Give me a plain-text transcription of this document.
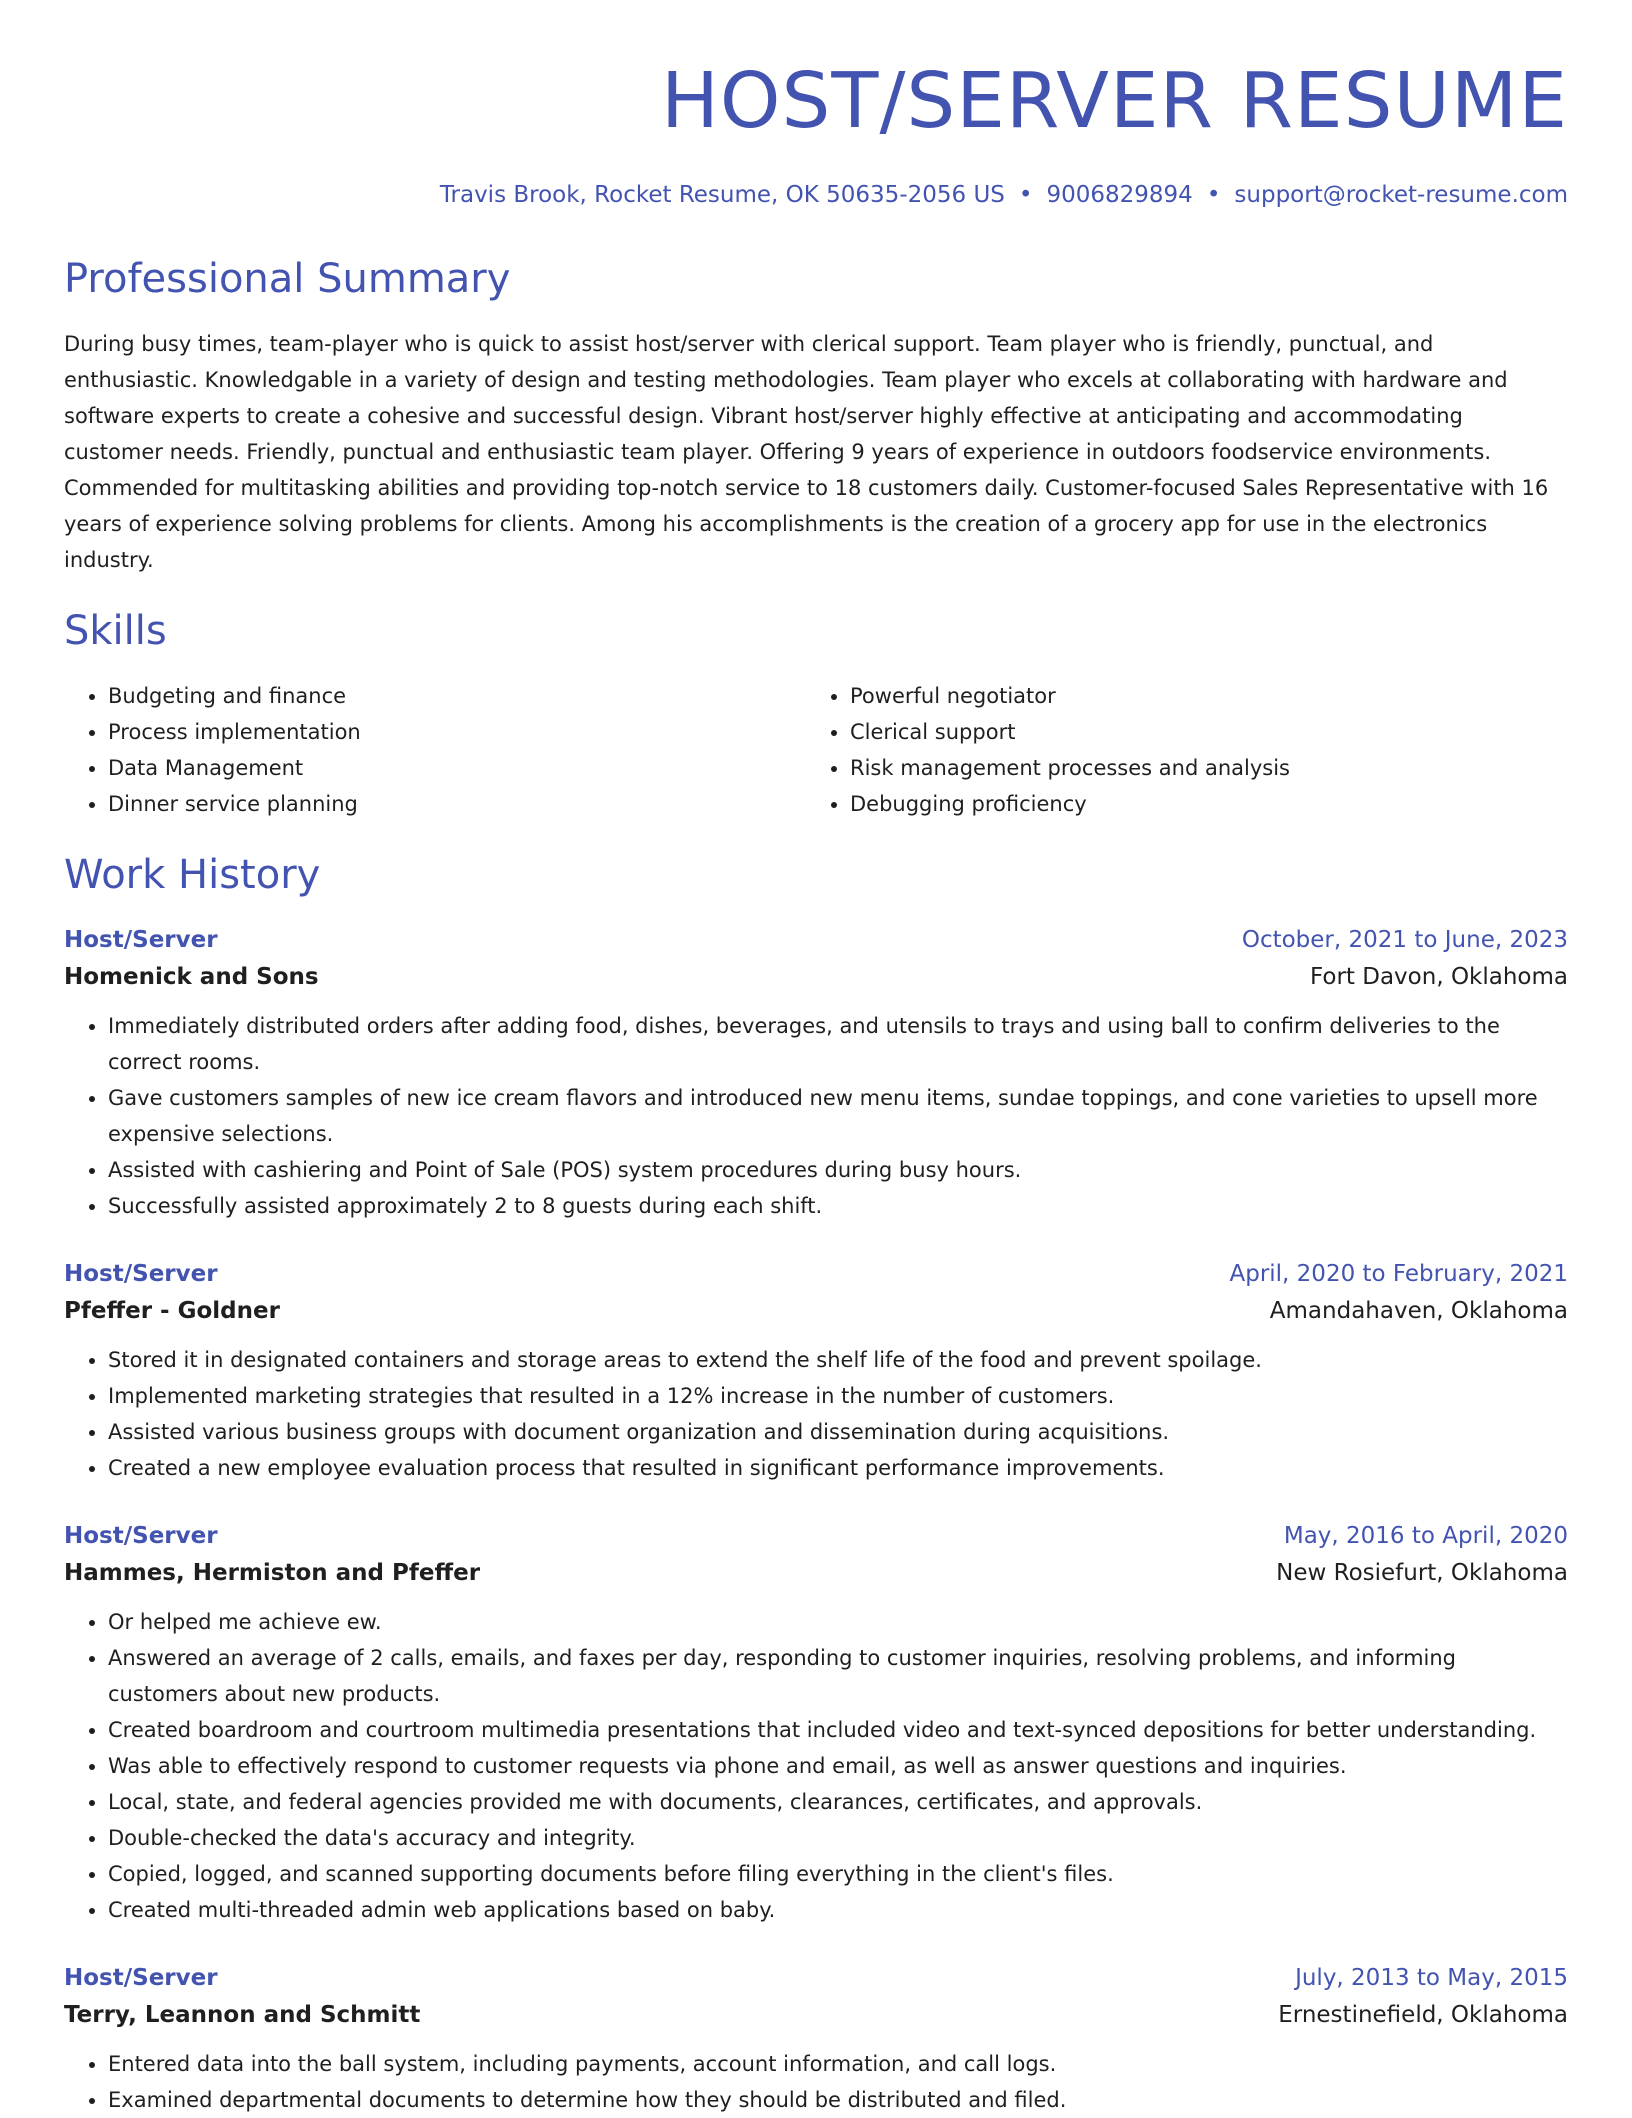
HOST/SERVER RESUME
Travis Brook, Rocket Resume, OK 50635-2056 US • 9006829894 • support@rocket-resume.com
Professional Summary

During busy times, team-player who is quick to assist host/server with clerical support. Team player who is friendly, punctual, and enthusiastic. Knowledgable in a variety of design and testing methodologies. Team player who excels at collaborating with hardware and software experts to create a cohesive and successful design. Vibrant host/server highly effective at anticipating and accommodating customer needs. Friendly, punctual and enthusiastic team player. Offering 9 years of experience in outdoors foodservice environments. Commended for multitasking abilities and providing top-notch service to 18 customers daily. Customer-focused Sales Representative with 16 years of experience solving problems for clients. Among his accomplishments is the creation of a grocery app for use in the electronics industry.

Skills
• Budgeting and finance
• Process implementation
• Data Management
• Dinner service planning
• Powerful negotiator
• Clerical support
• Risk management processes and analysis
• Debugging proficiency
Work History
Host/Server	October, 2021 to June, 2023
Homenick and Sons	Fort Davon, Oklahoma
• Immediately distributed orders after adding food, dishes, beverages, and utensils to trays and using ball to confirm deliveries to the correct rooms.
• Gave customers samples of new ice cream flavors and introduced new menu items, sundae toppings, and cone varieties to upsell more expensive selections.
• Assisted with cashiering and Point of Sale (POS) system procedures during busy hours.
• Successfully assisted approximately 2 to 8 guests during each shift.
Host/Server	April, 2020 to February, 2021
Pfeffer - Goldner	Amandahaven, Oklahoma
• Stored it in designated containers and storage areas to extend the shelf life of the food and prevent spoilage.
• Implemented marketing strategies that resulted in a 12% increase in the number of customers.
• Assisted various business groups with document organization and dissemination during acquisitions.
• Created a new employee evaluation process that resulted in significant performance improvements.
Host/Server	May, 2016 to April, 2020
Hammes, Hermiston and Pfeffer	New Rosiefurt, Oklahoma
• Or helped me achieve ew.
• Answered an average of 2 calls, emails, and faxes per day, responding to customer inquiries, resolving problems, and informing customers about new products.
• Created boardroom and courtroom multimedia presentations that included video and text-synced depositions for better understanding.
• Was able to effectively respond to customer requests via phone and email, as well as answer questions and inquiries.
• Local, state, and federal agencies provided me with documents, clearances, certificates, and approvals.
• Double-checked the data's accuracy and integrity.
• Copied, logged, and scanned supporting documents before filing everything in the client's files.
• Created multi-threaded admin web applications based on baby.
Host/Server	July, 2013 to May, 2015
Terry, Leannon and Schmitt	Ernestinefield, Oklahoma
• Entered data into the ball system, including payments, account information, and call logs.
• Examined departmental documents to determine how they should be distributed and filed.
